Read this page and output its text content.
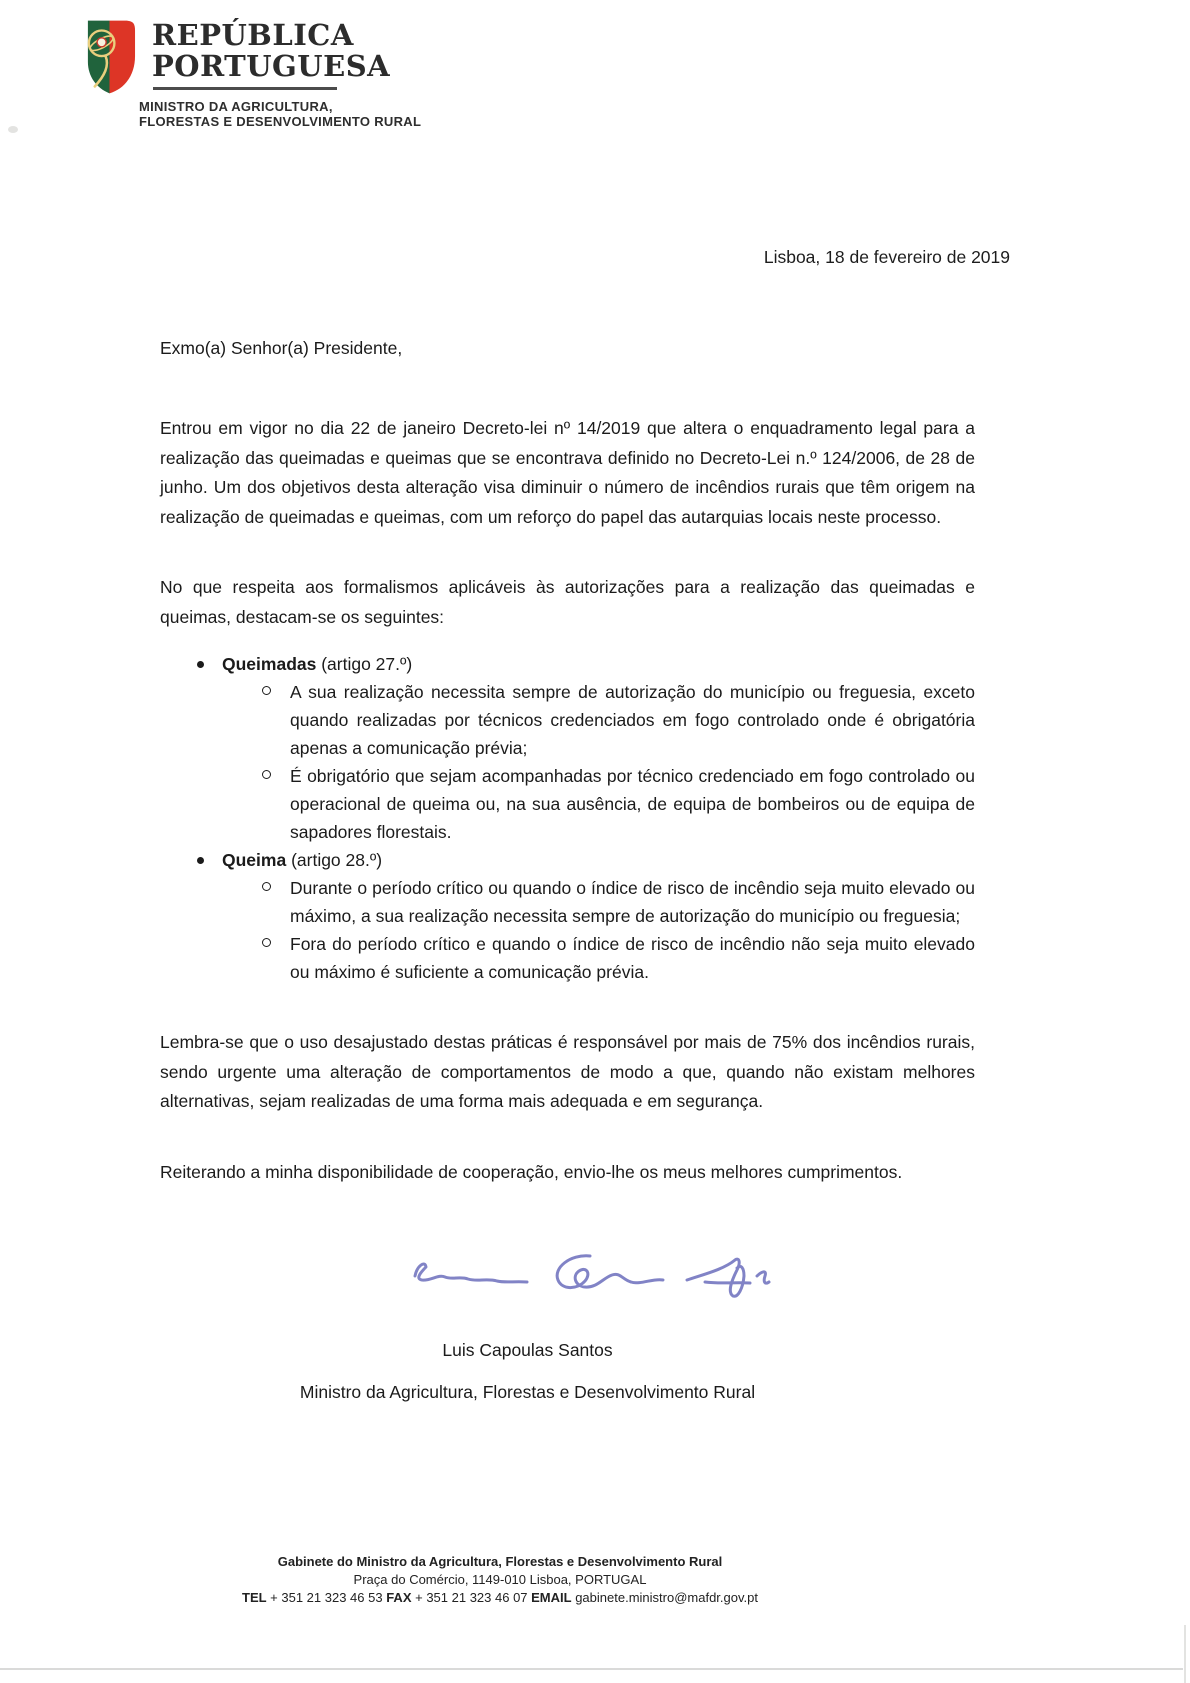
REPÚBLICA
PORTUGUESA
MINISTRO DA AGRICULTURA,
FLORESTAS E DESENVOLVIMENTO RURAL
Lisboa, 18 de fevereiro de 2019
Exmo(a) Senhor(a) Presidente,
Entrou em vigor no dia 22 de janeiro Decreto-lei nº 14/2019 que altera o enquadramento legal para a realização das queimadas e queimas que se encontrava definido no Decreto-Lei n.º 124/2006, de 28 de junho. Um dos objetivos desta alteração visa diminuir o número de incêndios rurais que têm origem na realização de queimadas e queimas, com um reforço do papel das autarquias locais neste processo.
No que respeita aos formalismos aplicáveis às autorizações para a realização das queimadas e queimas, destacam-se os seguintes:
Queimadas (artigo 27.º)
A sua realização necessita sempre de autorização do município ou freguesia, exceto quando realizadas por técnicos credenciados em fogo controlado onde é obrigatória apenas a comunicação prévia;
É obrigatório que sejam acompanhadas por técnico credenciado em fogo controlado ou operacional de queima ou, na sua ausência, de equipa de bombeiros ou de equipa de sapadores florestais.
Queima (artigo 28.º)
Durante o período crítico ou quando o índice de risco de incêndio seja muito elevado ou máximo, a sua realização necessita sempre de autorização do município ou freguesia;
Fora do período crítico e quando o índice de risco de incêndio não seja muito elevado ou máximo é suficiente a comunicação prévia.
Lembra-se que o uso desajustado destas práticas é responsável por mais de 75% dos incêndios rurais, sendo urgente uma alteração de comportamentos de modo a que, quando não existam melhores alternativas, sejam realizadas de uma forma mais adequada e em segurança.
Reiterando a minha disponibilidade de cooperação, envio-lhe os meus melhores cumprimentos.
Luis Capoulas Santos
Ministro da Agricultura, Florestas e Desenvolvimento Rural
Gabinete do Ministro da Agricultura, Florestas e Desenvolvimento Rural
Praça do Comércio, 1149-010 Lisboa, PORTUGAL
TEL + 351 21 323 46 53 FAX + 351 21 323 46 07 EMAIL gabinete.ministro@mafdr.gov.pt
